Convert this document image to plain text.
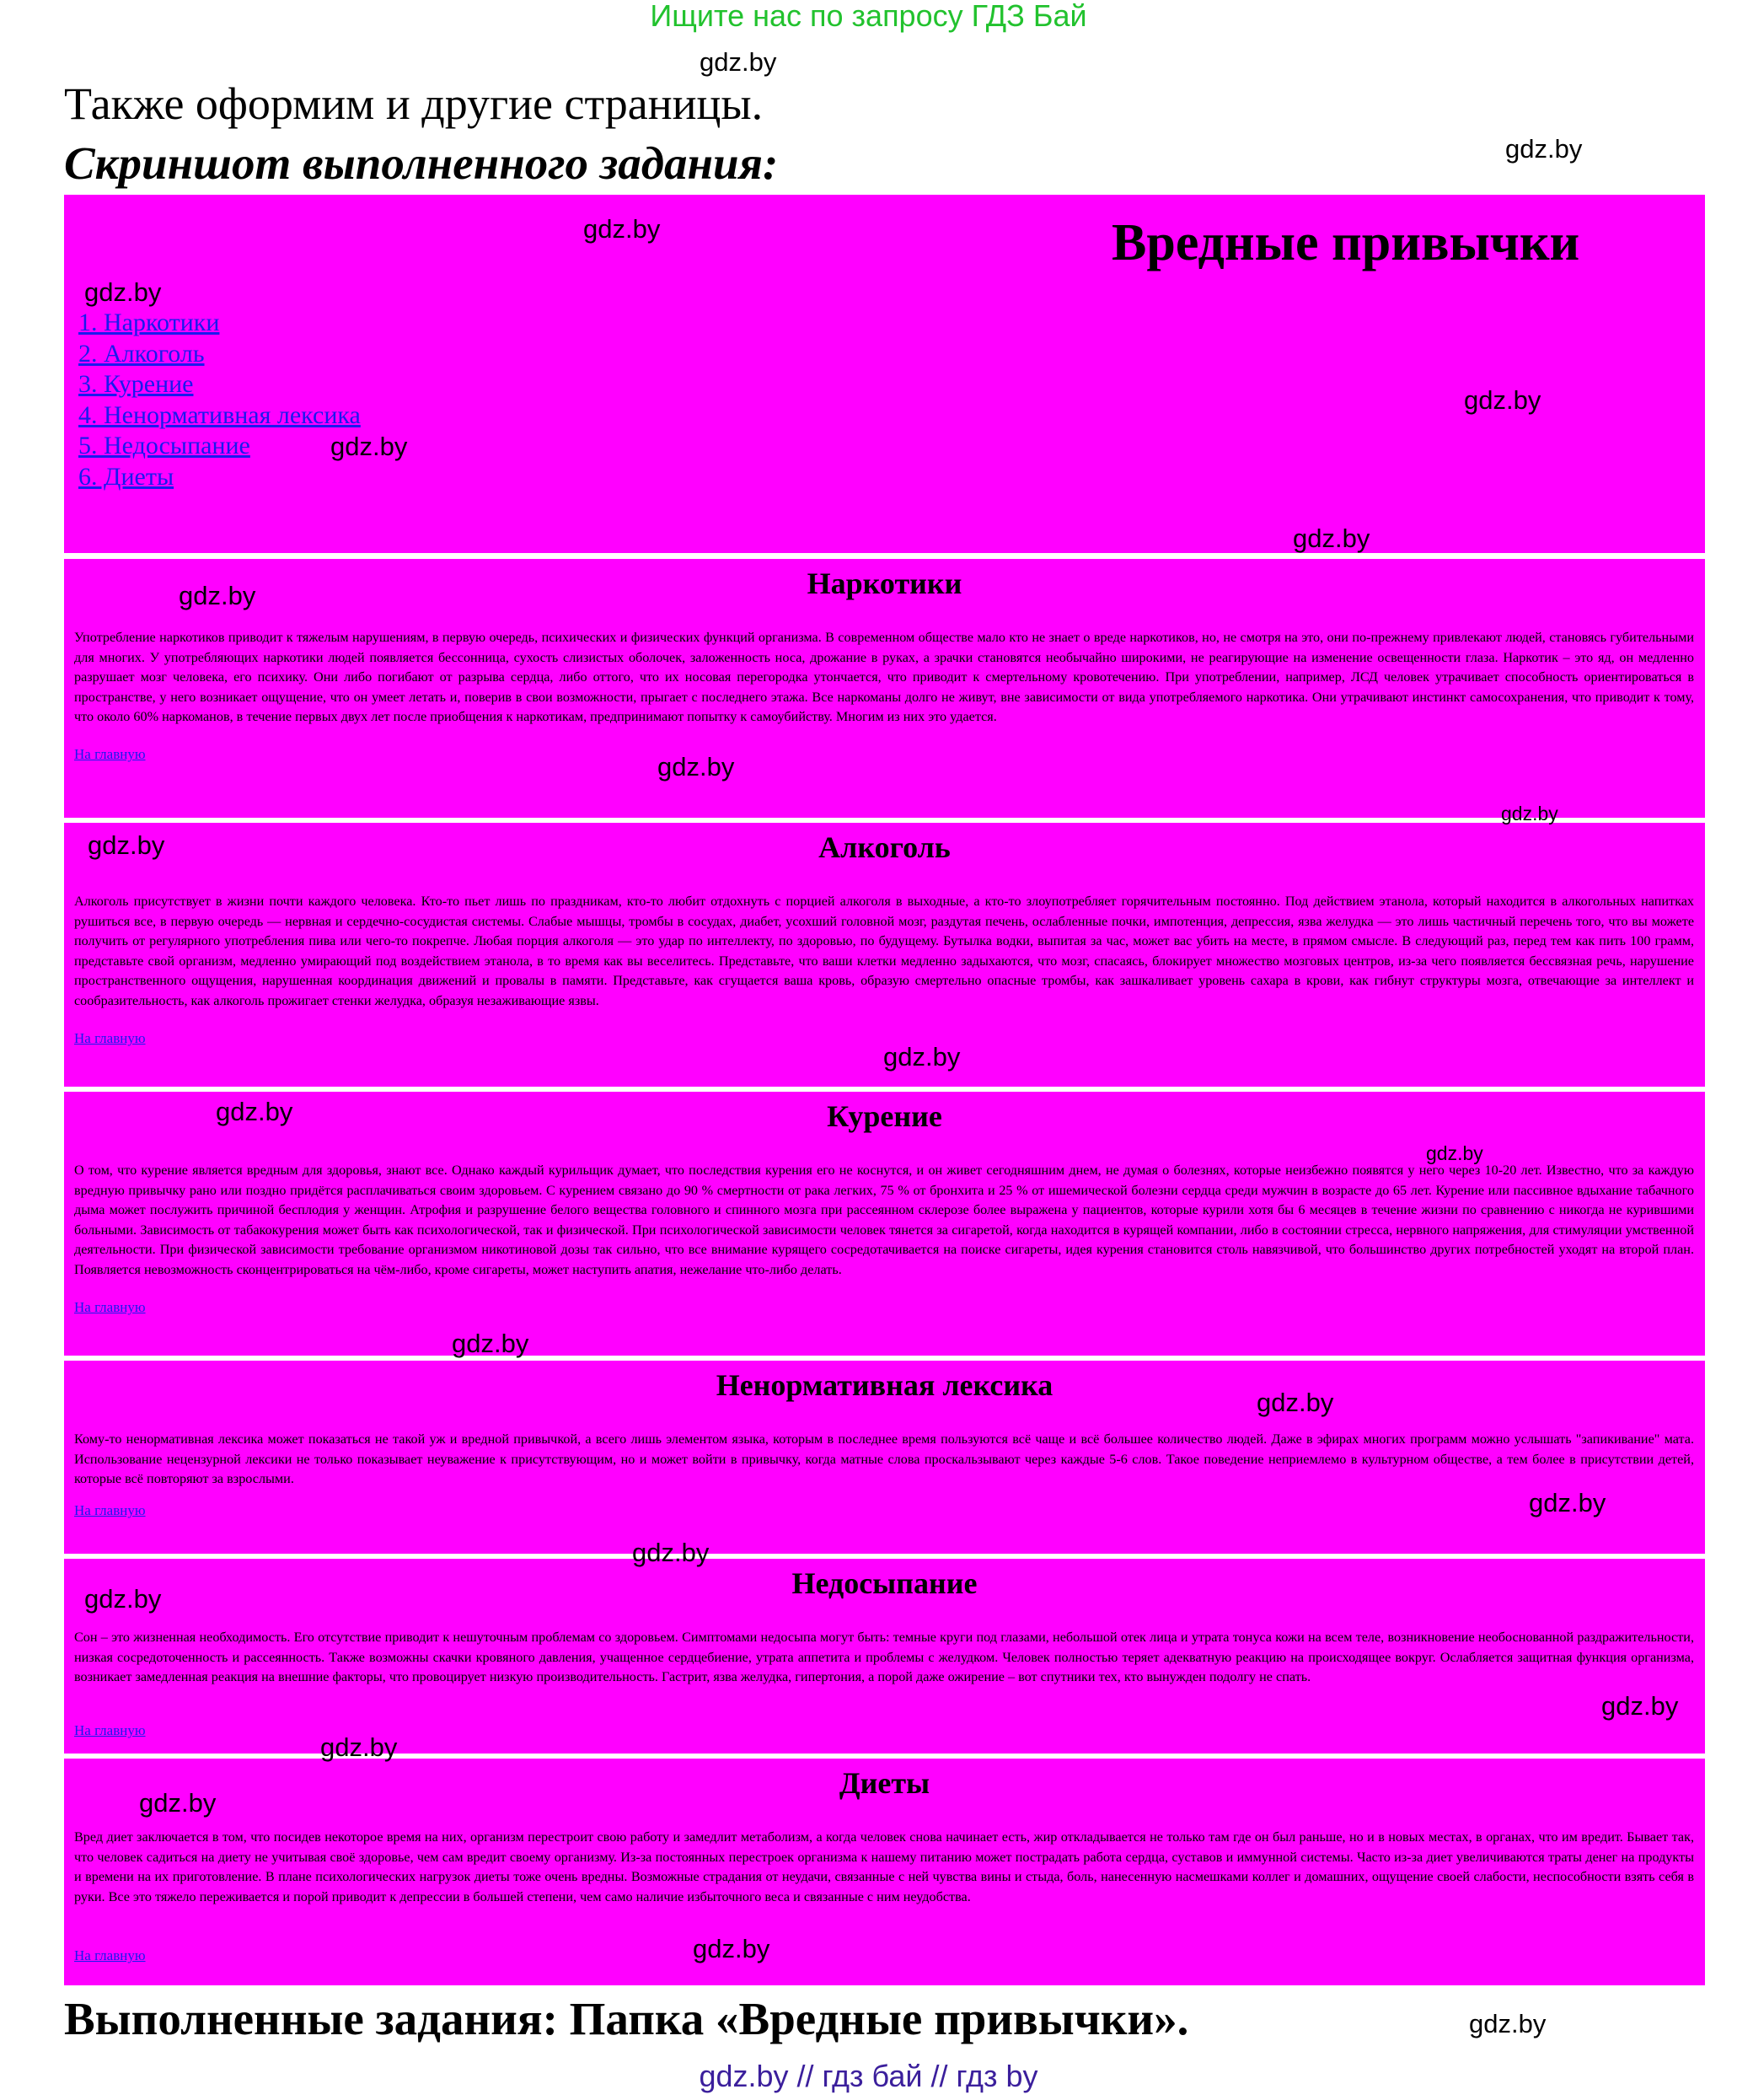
Ищите нас по запросу ГДЗ Бай
Также оформим и другие страницы.
Скриншот выполненного задания:
Вредные привычки
1. Наркотики
2. Алкоголь
3. Курение
4. Ненормативная лексика
5. Недосыпание
6. Диеты
Наркотики

Употребление наркотиков приводит к тяжелым нарушениям, в первую очередь, психических и физических функций организма. В современном обществе мало кто не знает о вреде наркотиков, но, не смотря на это, они по-прежнему привлекают людей, становясь губительными для многих. У употребляющих наркотики людей появляется бессонница, сухость слизистых оболочек, заложенность носа, дрожание в руках, а зрачки становятся необычайно широкими, не реагирующие на изменение освещенности глаза. Наркотик – это яд, он медленно разрушает мозг человека, его психику. Они либо погибают от разрыва сердца, либо оттого, что их носовая перегородка утончается, что приводит к смертельному кровотечению. При употреблении, например, ЛСД человек утрачивает способность ориентироваться в пространстве, у него возникает ощущение, что он умеет летать и, поверив в свои возможности, прыгает с последнего этажа. Все наркоманы долго не живут, вне зависимости от вида употребляемого наркотика. Они утрачивают инстинкт самосохранения, что приводит к тому, что около 60% наркоманов, в течение первых двух лет после приобщения к наркотикам, предпринимают попытку к самоубийству. Многим из них это удается.

На главную
Алкоголь

Алкоголь присутствует в жизни почти каждого человека. Кто-то пьет лишь по праздникам, кто-то любит отдохнуть с порцией алкоголя в выходные, а кто-то злоупотребляет горячительным постоянно. Под действием этанола, который находится в алкогольных напитках рушиться все, в первую очередь — нервная и сердечно-сосудистая системы. Слабые мышцы, тромбы в сосудах, диабет, усохший головной мозг, раздутая печень, ослабленные почки, импотенция, депрессия, язва желудка — это лишь частичный перечень того, что вы можете получить от регулярного употребления пива или чего-то покрепче. Любая порция алкоголя — это удар по интеллекту, по здоровью, по будущему. Бутылка водки, выпитая за час, может вас убить на месте, в прямом смысле. В следующий раз, перед тем как пить 100 грамм, представьте свой организм, медленно умирающий под воздействием этанола, в то время как вы веселитесь. Представьте, что ваши клетки медленно задыхаются, что мозг, спасаясь, блокирует множество мозговых центров, из-за чего появляется бессвязная речь, нарушение пространственного ощущения, нарушенная координация движений и провалы в памяти. Представьте, как сгущается ваша кровь, образую смертельно опасные тромбы, как зашкаливает уровень сахара в крови, как гибнут структуры мозга, отвечающие за интеллект и сообразительность, как алкоголь прожигает стенки желудка, образуя незаживающие язвы.

На главную
Курение

О том, что курение является вредным для здоровья, знают все. Однако каждый курильщик думает, что последствия курения его не коснутся, и он живет сегодняшним днем, не думая о болезнях, которые неизбежно появятся у него через 10-20 лет. Известно, что за каждую вредную привычку рано или поздно придётся расплачиваться своим здоровьем. С курением связано до 90 % смертности от рака легких, 75 % от бронхита и 25 % от ишемической болезни сердца среди мужчин в возрасте до 65 лет. Курение или пассивное вдыхание табачного дыма может послужить причиной бесплодия у женщин. Атрофия и разрушение белого вещества головного и спинного мозга при рассеянном склерозе более выражена у пациентов, которые курили хотя бы 6 месяцев в течение жизни по сравнению с никогда не курившими больными. Зависимость от табакокурения может быть как психологической, так и физической. При психологической зависимости человек тянется за сигаретой, когда находится в курящей компании, либо в состоянии стресса, нервного напряжения, для стимуляции умственной деятельности. При физической зависимости требование организмом никотиновой дозы так сильно, что все внимание курящего сосредотачивается на поиске сигареты, идея курения становится столь навязчивой, что большинство других потребностей уходят на второй план. Появляется невозможность сконцентрироваться на чём-либо, кроме сигареты, может наступить апатия, нежелание что-либо делать.

На главную
Ненормативная лексика

Кому-то ненормативная лексика может показаться не такой уж и вредной привычкой, а всего лишь элементом языка, которым в последнее время пользуются всё чаще и всё большее количество людей. Даже в эфирах многих программ можно услышать "запикивание" мата. Использование нецензурной лексики не только показывает неуважение к присутствующим, но и может войти в привычку, когда матные слова проскальзывают через каждые 5-6 слов. Такое поведение неприемлемо в культурном обществе, а тем более в присутствии детей, которые всё повторяют за взрослыми.

На главную
Недосыпание

Сон – это жизненная необходимость. Его отсутствие приводит к нешуточным проблемам со здоровьем. Симптомами недосыпа могут быть: темные круги под глазами, небольшой отек лица и утрата тонуса кожи на всем теле, возникновение необоснованной раздражительности, низкая сосредоточенность и рассеянность. Также возможны скачки кровяного давления, учащенное сердцебиение, утрата аппетита и проблемы с желудком. Человек полностью теряет адекватную реакцию на происходящее вокруг. Ослабляется защитная функция организма, возникает замедленная реакция на внешние факторы, что провоцирует низкую производительность. Гастрит, язва желудка, гипертония, а порой даже ожирение – вот спутники тех, кто вынужден подолгу не спать.

На главную
Диеты

Вред диет заключается в том, что посидев некоторое время на них, организм перестроит свою работу и замедлит метаболизм, а когда человек снова начинает есть, жир откладывается не только там где он был раньше, но и в новых местах, в органах, что им вредит. Бывает так, что человек садиться на диету не учитывая своё здоровье, чем сам вредит своему организму. Из-за постоянных перестроек организма к нашему питанию может пострадать работа сердца, суставов и иммунной системы. Часто из-за диет увеличиваются траты денег на продукты и времени на их приготовление. В плане психологических нагрузок диеты тоже очень вредны. Возможные страдания от неудачи, связанные с ней чувства вины и стыда, боль, нанесенную насмешками коллег и домашних, ощущение своей слабости, неспособности взять себя в руки. Все это тяжело переживается и порой приводит к депрессии в большей степени, чем само наличие избыточного веса и связанные с ним неудобства.

На главную
Выполненные задания: Папка «Вредные привычки».
gdz.by // гдз бай // гдз by
gdz.by
gdz.by
gdz.by
gdz.by
gdz.by
gdz.by
gdz.by
gdz.by
gdz.by
gdz.by
gdz.by
gdz.by
gdz.by
gdz.by
gdz.by
gdz.by
gdz.by
gdz.by
gdz.by
gdz.by
gdz.by
gdz.by
gdz.by
gdz.by
